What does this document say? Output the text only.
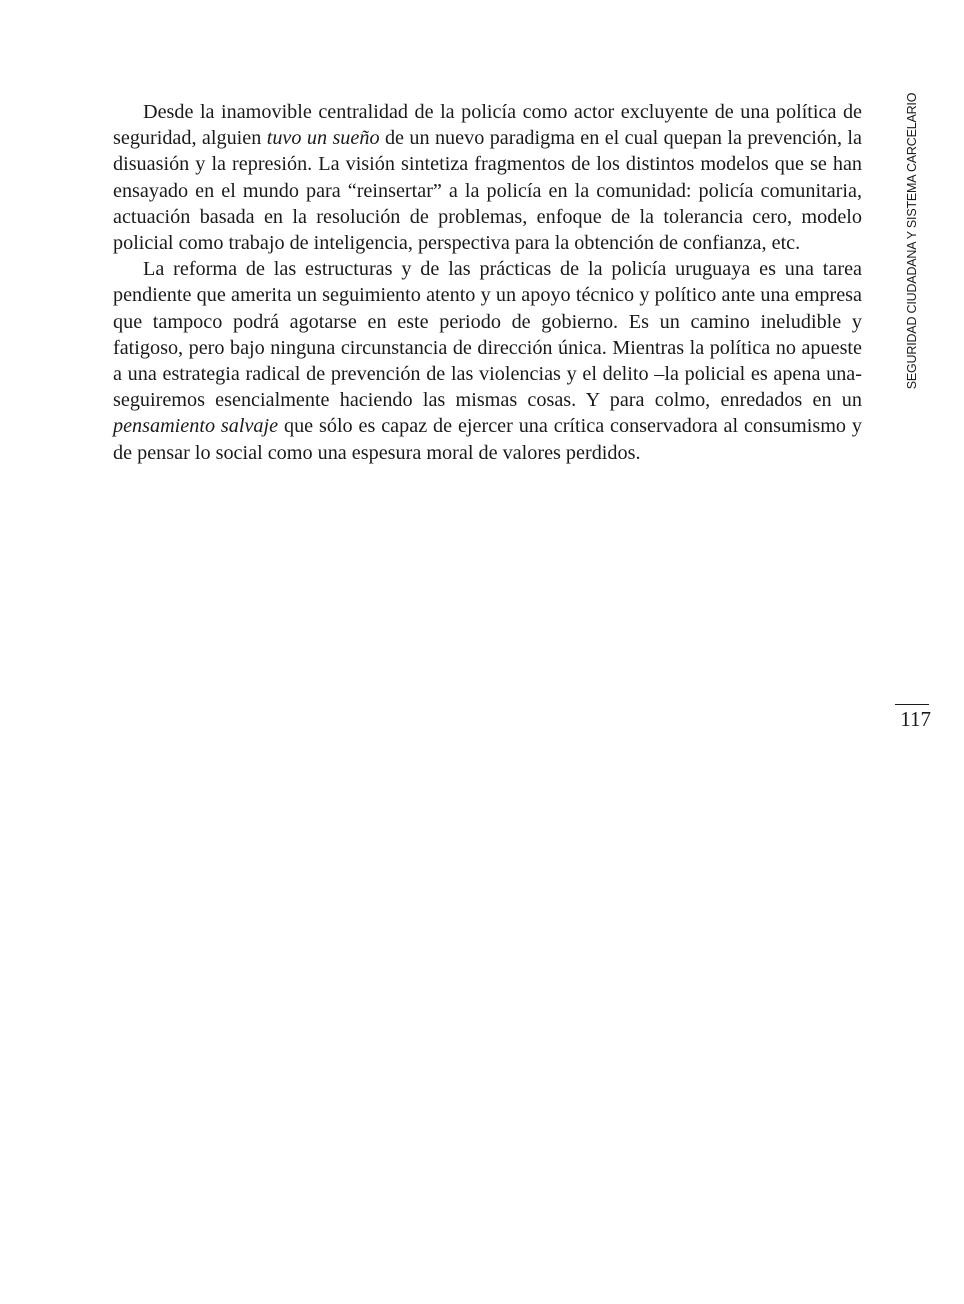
Desde la inamovible centralidad de la policía como actor excluyente de una política de seguridad, alguien tuvo un sueño de un nuevo paradigma en el cual quepan la prevención, la disuasión y la represión. La visión sintetiza fragmentos de los distintos modelos que se han ensayado en el mundo para “reinsertar” a la policía en la comunidad: policía comunitaria, actuación basada en la resolución de problemas, enfoque de la tolerancia cero, modelo policial como trabajo de inteligencia, perspectiva para la obtención de confianza, etc.

La reforma de las estructuras y de las prácticas de la policía uruguaya es una tarea pendiente que amerita un seguimiento atento y un apoyo técnico y político ante una empresa que tampoco podrá agotarse en este periodo de gobierno. Es un camino ineludible y fatigoso, pero bajo ninguna circunstancia de dirección única. Mientras la política no apueste a una estrategia radical de prevención de las violencias y el delito –la policial es apena una- seguiremos esencialmente haciendo las mismas cosas. Y para colmo, enredados en un pensamiento salvaje que sólo es capaz de ejercer una crítica conservadora al consumismo y de pensar lo social como una espesura moral de valores perdidos.

SEGURIDAD CIUDADANA Y SISTEMA CARCELARIO
117
